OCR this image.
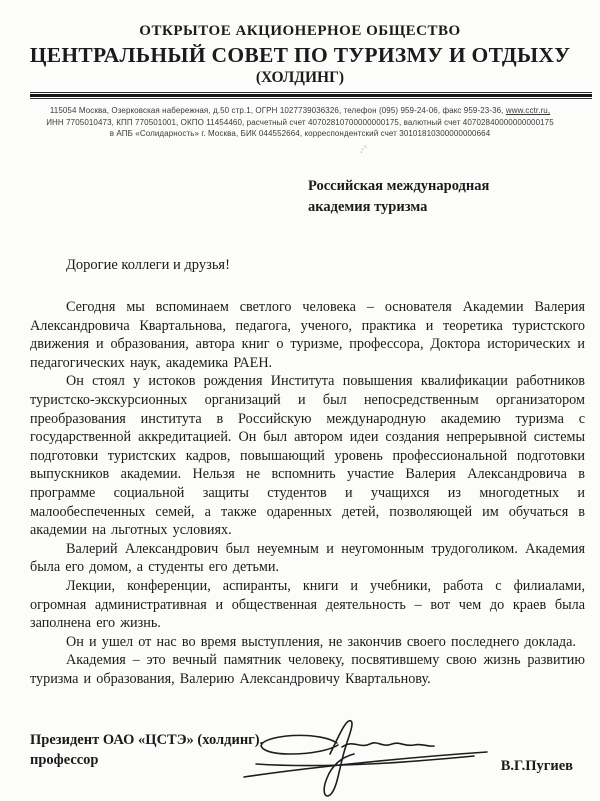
ОТКРЫТОЕ АКЦИОНЕРНОЕ ОБЩЕСТВО
ЦЕНТРАЛЬНЫЙ СОВЕТ ПО ТУРИЗМУ И ОТДЫХУ
(ХОЛДИНГ)
115054 Москва, Озерковская набережная, д.50 стр.1, ОГРН 1027739036326, телефон (095) 959-24-06, факс 959-23-36, www.cctr.ru,
ИНН 7705010473, КПП 770501001, ОКПО 11454460, расчетный счет 40702810700000000175, валютный счет 40702840000000000175
в АПБ «Солидарность» г. Москва, БИК 044552664, корреспондентский счет 30101810300000000664
Российская международная
академия туризма
Дорогие коллеги и друзья!

Сегодня мы вспоминаем светлого человека – основателя Академии Валерия Александровича Квартальнова, педагога, ученого, практика и теоретика туристского движения и образования, автора книг о туризме, профессора, Доктора исторических и педагогических наук, академика РАЕН.

Он стоял у истоков рождения Института повышения квалификации работников туристско-экскурсионных организаций и был непосредственным организатором преобразования института в Российскую международную академию туризма с государственной аккредитацией. Он был автором идеи создания непрерывной системы подготовки туристских кадров, повышающий уровень профессиональной подготовки выпускников академии. Нельзя не вспомнить участие Валерия Александровича в программе социальной защиты студентов и учащихся из многодетных и малообеспеченных семей, а также одаренных детей, позволяющей им обучаться в академии на льготных условиях.

Валерий Александрович был неуемным и неугомонным трудоголиком. Академия была его домом, а студенты его детьми.

Лекции, конференции, аспиранты, книги и учебники, работа с филиалами, огромная административная и общественная деятельность – вот чем до краев была заполнена его жизнь.

Он и ушел от нас во время выступления, не закончив своего последнего доклада.

Академия – это вечный памятник человеку, посвятившему свою жизнь развитию туризма и образования, Валерию Александровичу Квартальнову.

Президент ОАО «ЦСТЭ» (холдинг),
профессор	В.Г.Пугиев
